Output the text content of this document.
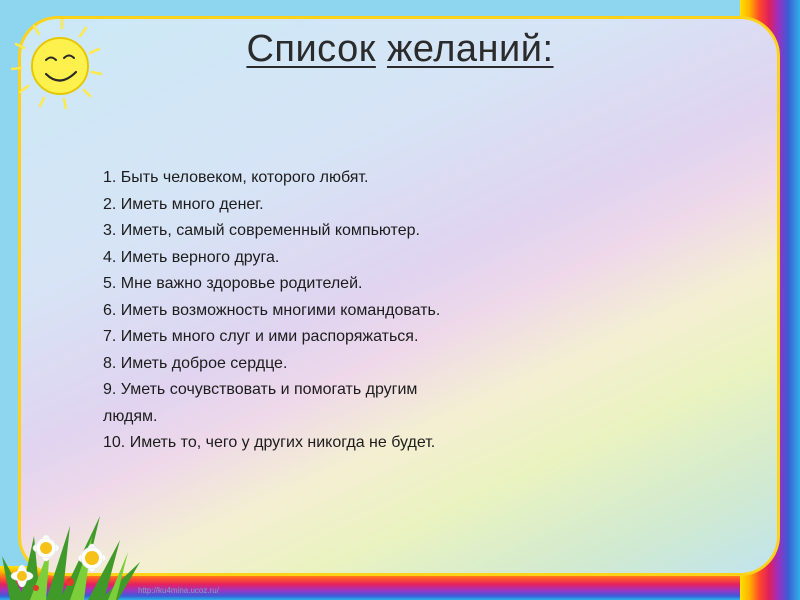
Список желаний:
1. Быть человеком, которого любят.
2. Иметь много денег.
3. Иметь, самый современный компьютер.
4. Иметь верного друга.
5. Мне важно здоровье родителей.
6. Иметь возможность многими командовать.
7. Иметь много слуг и ими распоряжаться.
8. Иметь доброе сердце.
9. Уметь сочувствовать и помогать другим
людям.
10. Иметь то, чего у других никогда не будет.
http://ku4mina.ucoz.ru/
